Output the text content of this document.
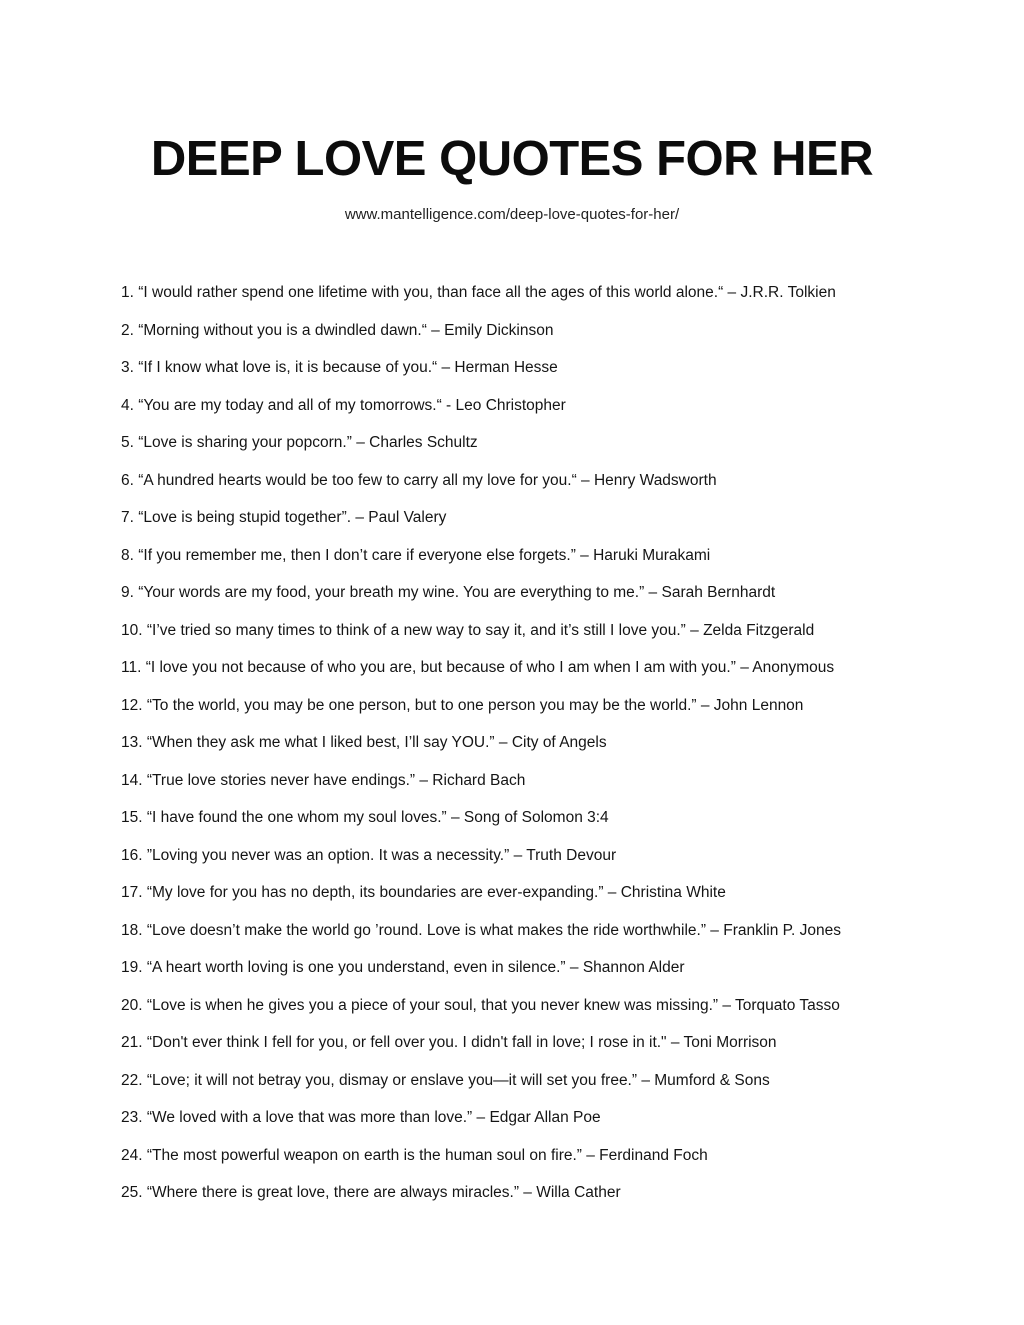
DEEP LOVE QUOTES FOR HER
www.mantelligence.com/deep-love-quotes-for-her/
1. “I would rather spend one lifetime with you, than face all the ages of this world alone.“ – J.R.R. Tolkien
2. “Morning without you is a dwindled dawn.“ – Emily Dickinson
3. “If I know what love is, it is because of you.“ – Herman Hesse
4. “You are my today and all of my tomorrows.“ - Leo Christopher
5. “Love is sharing your popcorn.” – Charles Schultz
6. “A hundred hearts would be too few to carry all my love for you.“ – Henry Wadsworth
7. “Love is being stupid together”. – Paul Valery
8. “If you remember me, then I don’t care if everyone else forgets.” – Haruki Murakami
9. “Your words are my food, your breath my wine. You are everything to me.” – Sarah Bernhardt
10. “I’ve tried so many times to think of a new way to say it, and it’s still I love you.” – Zelda Fitzgerald
11. “I love you not because of who you are, but because of who I am when I am with you.” – Anonymous
12. “To the world, you may be one person, but to one person you may be the world.” – John Lennon
13. “When they ask me what I liked best, I’ll say YOU.” – City of Angels
14. “True love stories never have endings.” – Richard Bach
15. “I have found the one whom my soul loves.” – Song of Solomon 3:4
16. ”Loving you never was an option. It was a necessity.” – Truth Devour
17. “My love for you has no depth, its boundaries are ever-expanding.” – Christina White
18. “Love doesn’t make the world go ’round. Love is what makes the ride worthwhile.” – Franklin P. Jones
19. “A heart worth loving is one you understand, even in silence.” – Shannon Alder
20. “Love is when he gives you a piece of your soul, that you never knew was missing.” – Torquato Tasso
21. “Don't ever think I fell for you, or fell over you. I didn't fall in love; I rose in it." – Toni Morrison
22. “Love; it will not betray you, dismay or enslave you—it will set you free.” – Mumford & Sons
23. “We loved with a love that was more than love.” – Edgar Allan Poe
24. “The most powerful weapon on earth is the human soul on fire.” – Ferdinand Foch
25. “Where there is great love, there are always miracles.” – Willa Cather
